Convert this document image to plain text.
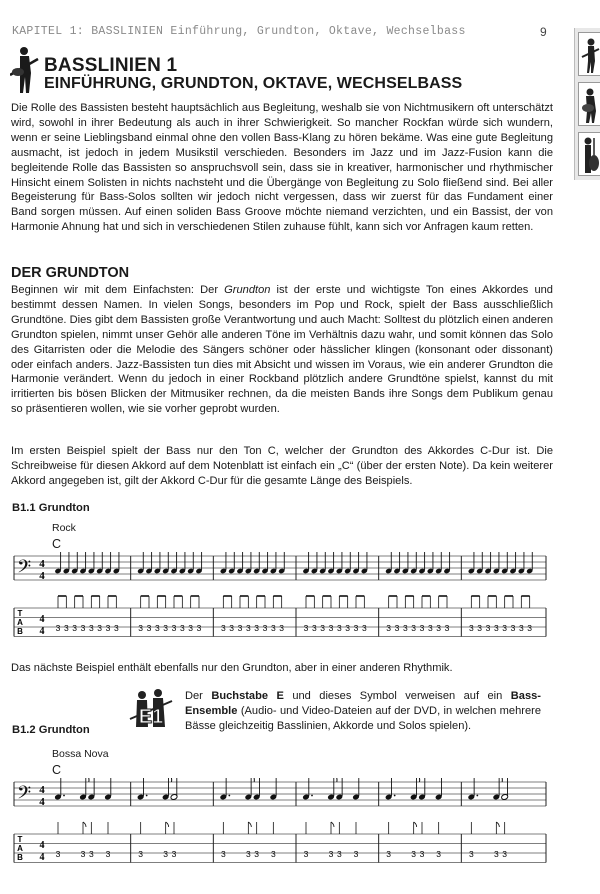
KAPITEL 1: BASSLINIEN Einführung, Grundton, Oktave, Wechselbass	9
BASSLINIEN 1
EINFÜHRUNG, GRUNDTON, OKTAVE, WECHSELBASS
Die Rolle des Bassisten besteht hauptsächlich aus Begleitung, weshalb sie von Nichtmusikern oft unterschätzt wird, sowohl in ihrer Bedeutung als auch in ihrer Schwierigkeit. So mancher Rockfan würde sich wundern, wenn er seine Lieblingsband einmal ohne den vollen Bass-Klang zu hören bekäme. Was eine gute Begleitung ausmacht, ist jedoch in jedem Musikstil verschieden. Besonders im Jazz und im Jazz-Fusion kann die begleitende Rolle das Bassisten so anspruchsvoll sein, dass sie in kreativer, harmonischer und rhythmischer Hinsicht einem Solisten in nichts nachsteht und die Übergänge von Begleitung zu Solo fließend sind. Bei aller Begeisterung für Bass-Solos sollten wir jedoch nicht vergessen, dass wir zuerst für das Fundament einer Band sorgen müssen. Auf einen soliden Bass Groove möchte niemand verzichten, und ein Bassist, der von Harmonie Ahnung hat und sich in verschiedenen Stilen zuhause fühlt, kann sich vor Anfragen kaum retten.
DER GRUNDTON
Beginnen wir mit dem Einfachsten: Der Grundton ist der erste und wichtigste Ton eines Akkordes und bestimmt dessen Namen. In vielen Songs, besonders im Pop und Rock, spielt der Bass ausschließlich Grundtöne. Dies gibt dem Bassisten große Verantwortung und auch Macht: Solltest du plötzlich einen anderen Grundton spielen, nimmt unser Gehör alle anderen Töne im Verhältnis dazu wahr, und somit können das Solo des Gitarristen oder die Melodie des Sängers schöner oder hässlicher klingen (konsonant oder dissonant) oder einfach anders. Jazz-Bassisten tun dies mit Absicht und wissen im Voraus, wie ein anderer Grundton die Harmonie verändert. Wenn du jedoch in einer Rockband plötzlich andere Grundtöne spielst, kannst du mit irritierten bis bösen Blicken der Mitmusiker rechnen, da die meisten Bands ihre Songs dem Publikum genau so präsentieren wollen, wie sie vorher geprobt wurden.
Im ersten Beispiel spielt der Bass nur den Ton C, welcher der Grundton des Akkordes C-Dur ist. Die Schreibweise für diesen Akkord auf dem Notenblatt ist einfach ein „C“ (über der ersten Note). Da kein weiterer Akkord angegeben ist, gilt der Akkord C-Dur für die gesamte Länge des Beispiels.
B1.1 Grundton
Rock
C
𝄢 4
4
4
4
T
A
B	3 3 3 3 3 3 3 3 3 3 3 3 3 3 3 3 3 3 3 3 3 3 3 3 3 3 3 3 3 3 3 3 3 3 3 3 3 3 3 3 3 3 3 3 3 3 3 3
Das nächste Beispiel enthält ebenfalls nur den Grundton, aber in einer anderen Rhythmik.
E1
Der Buchstabe E und dieses Symbol verweisen auf ein Bass-Ensemble (Audio- und Video-Dateien auf der DVD, in welchen mehrere Bässe gleichzeitig Basslinien, Akkorde und Solos spielen).
B1.2 Grundton
Bossa Nova
C
𝄢 4
4
4
4
T
A
B	3 3 3 3	3 3 3	3 3 3 3	3 3 3 3	3 3 3 3	3 3 3
